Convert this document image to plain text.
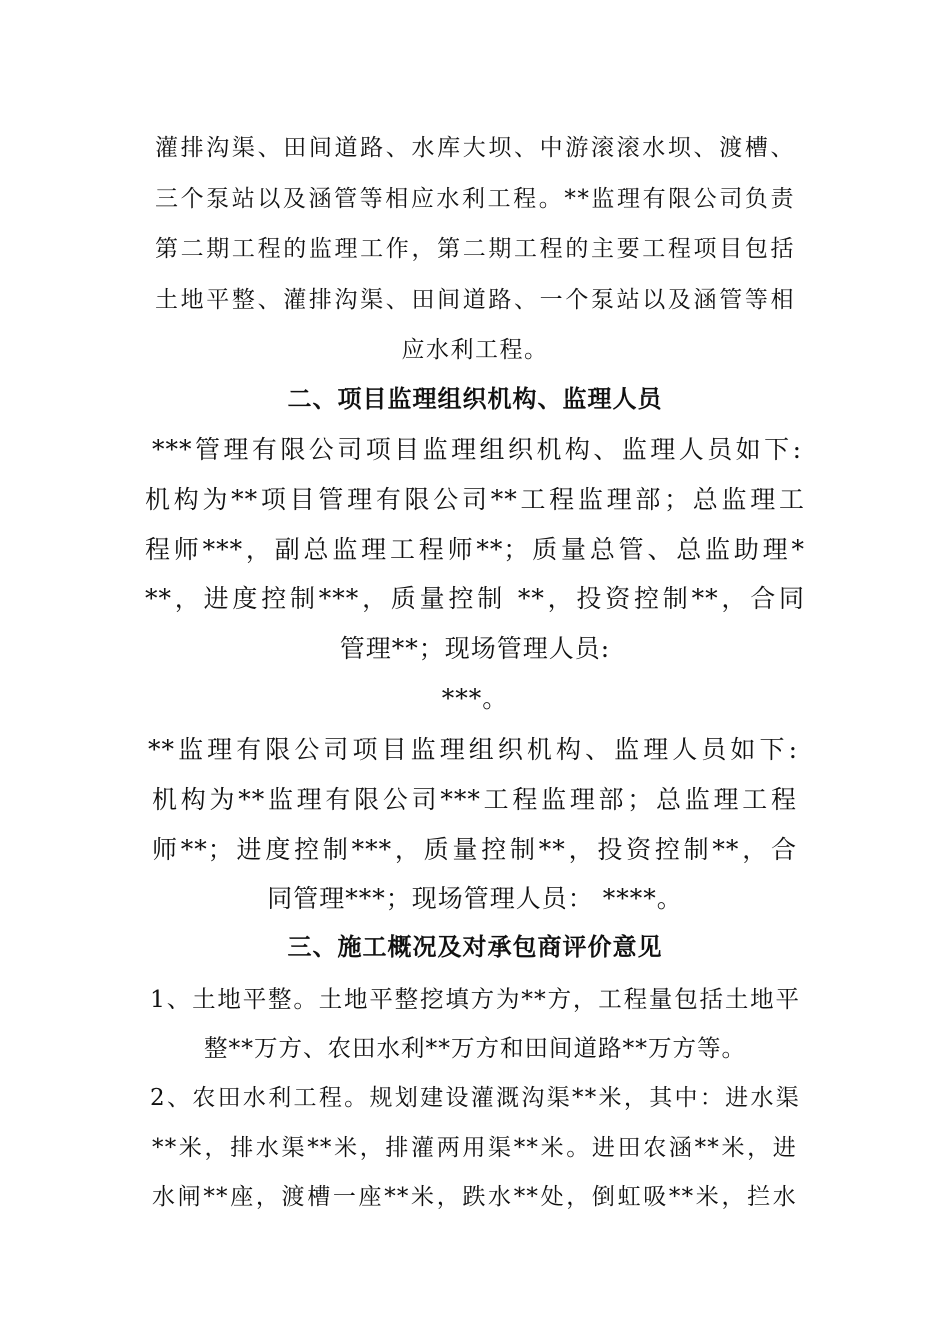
灌排沟渠、田间道路、水库大坝、中游滚滚水坝、渡槽、
三个泵站以及涵管等相应水利工程。**监理有限公司负责
第二期工程的监理工作，第二期工程的主要工程项目包括
土地平整、灌排沟渠、田间道路、一个泵站以及涵管等相
应水利工程。
二、项目监理组织机构、监理人员
***管理有限公司项目监理组织机构、监理人员如下:
机构为**项目管理有限公司**工程监理部；总监理工
程师***，副总监理工程师**；质量总管、总监助理*
**，进度控制***，质量控制 **，投资控制**，合同
管理**；现场管理人员:
***。
**监理有限公司项目监理组织机构、监理人员如下:
机构为**监理有限公司***工程监理部；总监理工程
师**；进度控制***，质量控制**，投资控制**，合
同管理***；现场管理人员： ****。
三、施工概况及对承包商评价意见
1、土地平整。土地平整挖填方为**方，工程量包括土地平
整**万方、农田水利**万方和田间道路**万方等。
2、农田水利工程。规划建设灌溉沟渠**米，其中：进水渠
**米，排水渠**米，排灌两用渠**米。进田农涵**米，进
水闸**座，渡槽一座**米，跌水**处，倒虹吸**米，拦水
